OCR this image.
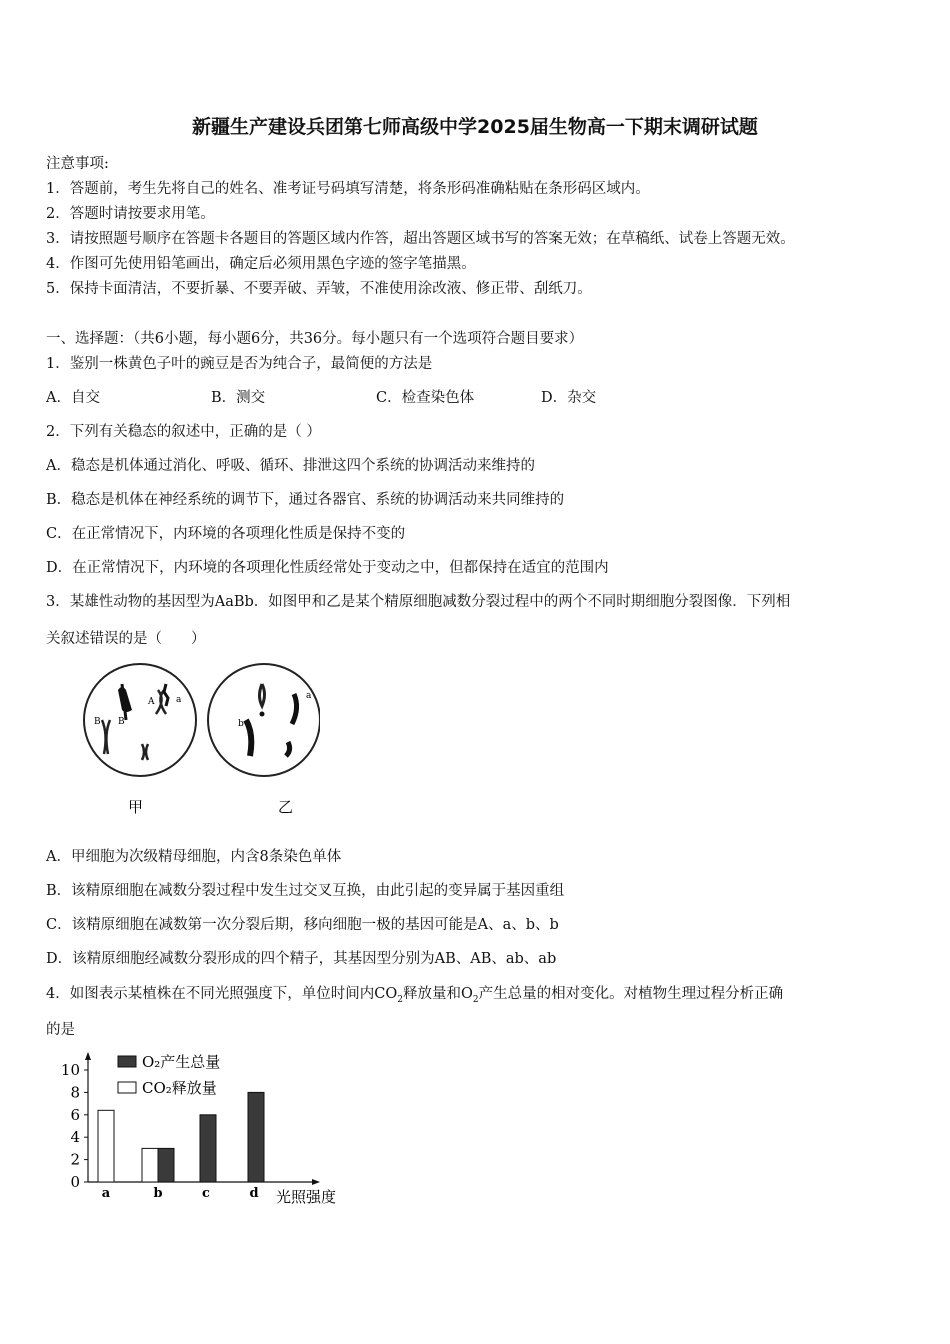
新疆生产建设兵团第七师高级中学2025届生物高一下期末调研试题
注意事项:
1．答题前，考生先将自己的姓名、准考证号码填写清楚，将条形码准确粘贴在条形码区域内。
2．答题时请按要求用笔。
3．请按照题号顺序在答题卡各题目的答题区域内作答，超出答题区域书写的答案无效；在草稿纸、试卷上答题无效。
4．作图可先使用铅笔画出，确定后必须用黑色字迹的签字笔描黑。
5．保持卡面清洁，不要折暴、不要弄破、弄皱，不准使用涂改液、修正带、刮纸刀。
一、选择题：（共6小题，每小题6分，共36分。每小题只有一个选项符合题目要求）
1．鉴别一株黄色子叶的豌豆是否为纯合子，最简便的方法是
A．自交	B．测交	C．检查染色体	D．杂交
2．下列有关稳态的叙述中，正确的是（ ）
A．稳态是机体通过消化、呼吸、循环、排泄这四个系统的协调活动来维持的
B．稳态是机体在神经系统的调节下，通过各器官、系统的协调活动来共同维持的
C．在正常情况下，内环境的各项理化性质是保持不变的
D．在正常情况下，内环境的各项理化性质经常处于变动之中，但都保持在适宜的范围内
3．某雄性动物的基因型为AaBb．如图甲和乙是某个精原细胞减数分裂过程中的两个不同时期细胞分裂图像．下列相
关叙述错误的是（　　）
B B
A a
甲
b
a
乙
A．甲细胞为次级精母细胞，内含8条染色单体
B．该精原细胞在减数分裂过程中发生过交叉互换，由此引起的变异属于基因重组
C．该精原细胞在减数第一次分裂后期，移向细胞一极的基因可能是A、a、b、b
D．该精原细胞经减数分裂形成的四个精子，其基因型分别为AB、AB、ab、ab
4．如图表示某植株在不同光照强度下，单位时间内$CO_2$释放量和$O_2$产生总量的相对变化。对植物生理过程分析正确
的是
0
2
4
6
8
10
a	b	c	d 光照强度
O₂产生总量
CO₂释放量
